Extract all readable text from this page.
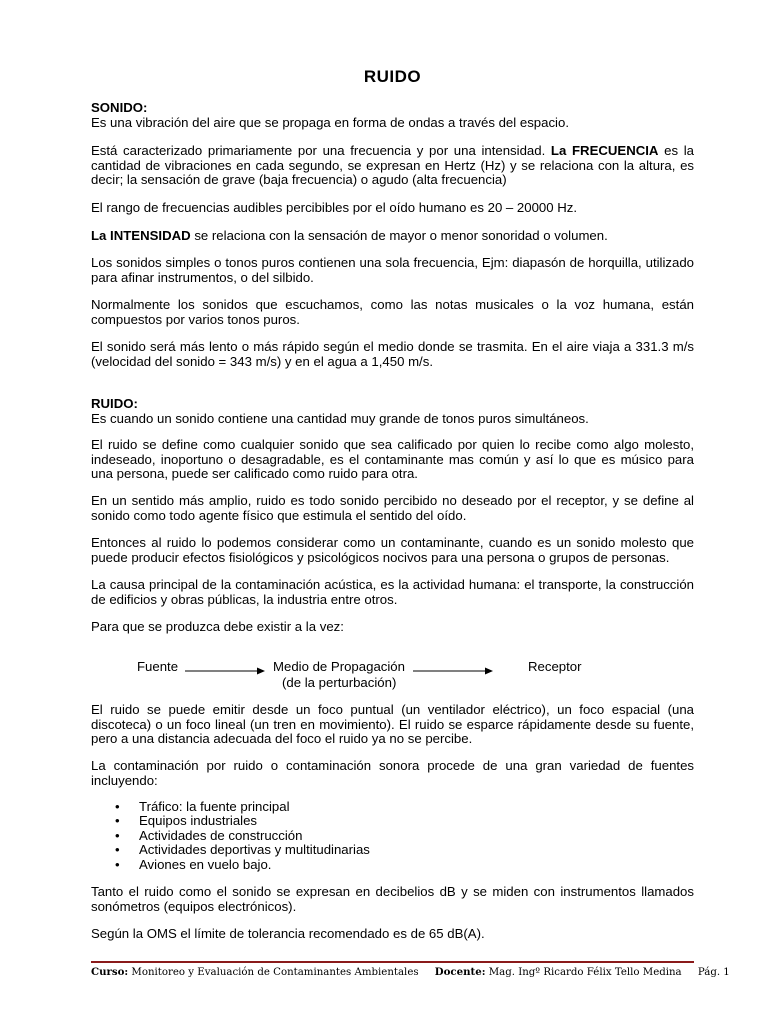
RUIDO
SONIDO:
Es una vibración del aire que se propaga en forma de ondas a través del espacio.

Está caracterizado primariamente por una frecuencia y por una intensidad. La FRECUENCIA es la cantidad de vibraciones en cada segundo, se expresan en Hertz (Hz) y se relaciona con la altura, es decir; la sensación de grave (baja frecuencia) o agudo (alta frecuencia)

El rango de frecuencias audibles percibibles por el oído humano es 20 – 20000 Hz.

La INTENSIDAD se relaciona con la sensación de mayor o menor sonoridad o volumen.

Los sonidos simples o tonos puros contienen una sola frecuencia, Ejm: diapasón de horquilla, utilizado para afinar instrumentos, o del silbido.

Normalmente los sonidos que escuchamos, como las notas musicales o la voz humana, están compuestos por varios tonos puros.

El sonido será más lento o más rápido según el medio donde se trasmita. En el aire viaja a 331.3 m/s (velocidad del sonido = 343 m/s) y en el agua a 1,450 m/s.

RUIDO:
Es cuando un sonido contiene una cantidad muy grande de tonos puros simultáneos.

El ruido se define como cualquier sonido que sea calificado por quien lo recibe como algo molesto, indeseado, inoportuno o desagradable, es el contaminante mas común y así lo que es músico para una persona, puede ser calificado como ruido para otra.

En un sentido más amplio, ruido es todo sonido percibido no deseado por el receptor, y se define al sonido como todo agente físico que estimula el sentido del oído.

Entonces al ruido lo podemos considerar como un contaminante, cuando es un sonido molesto que puede producir efectos fisiológicos y psicológicos nocivos para una persona o grupos de personas.

La causa principal de la contaminación acústica, es la actividad humana: el transporte, la construcción de edificios y obras públicas, la industria entre otros.

Para que se produzca debe existir a la vez:

Fuente	Medio de Propagación
(de la perturbación)
Receptor

El ruido se puede emitir desde un foco puntual (un ventilador eléctrico), un foco espacial (una discoteca) o un foco lineal (un tren en movimiento). El ruido se esparce rápidamente desde su fuente, pero a una distancia adecuada del foco el ruido ya no se percibe.

La contaminación por ruido o contaminación sonora procede de una gran variedad de fuentes incluyendo:

• Tráfico: la fuente principal
• Equipos industriales
• Actividades de construcción
• Actividades deportivas y multitudinarias
• Aviones en vuelo bajo.

Tanto el ruido como el sonido se expresan en decibelios dB y se miden con instrumentos llamados sonómetros (equipos electrónicos).

Según la OMS el límite de tolerancia recomendado es de 65 dB(A).

Curso: Monitoreo y Evaluación de Contaminantes Ambientales Docente: Mag. Ingº Ricardo Félix Tello Medina Pág. 1
